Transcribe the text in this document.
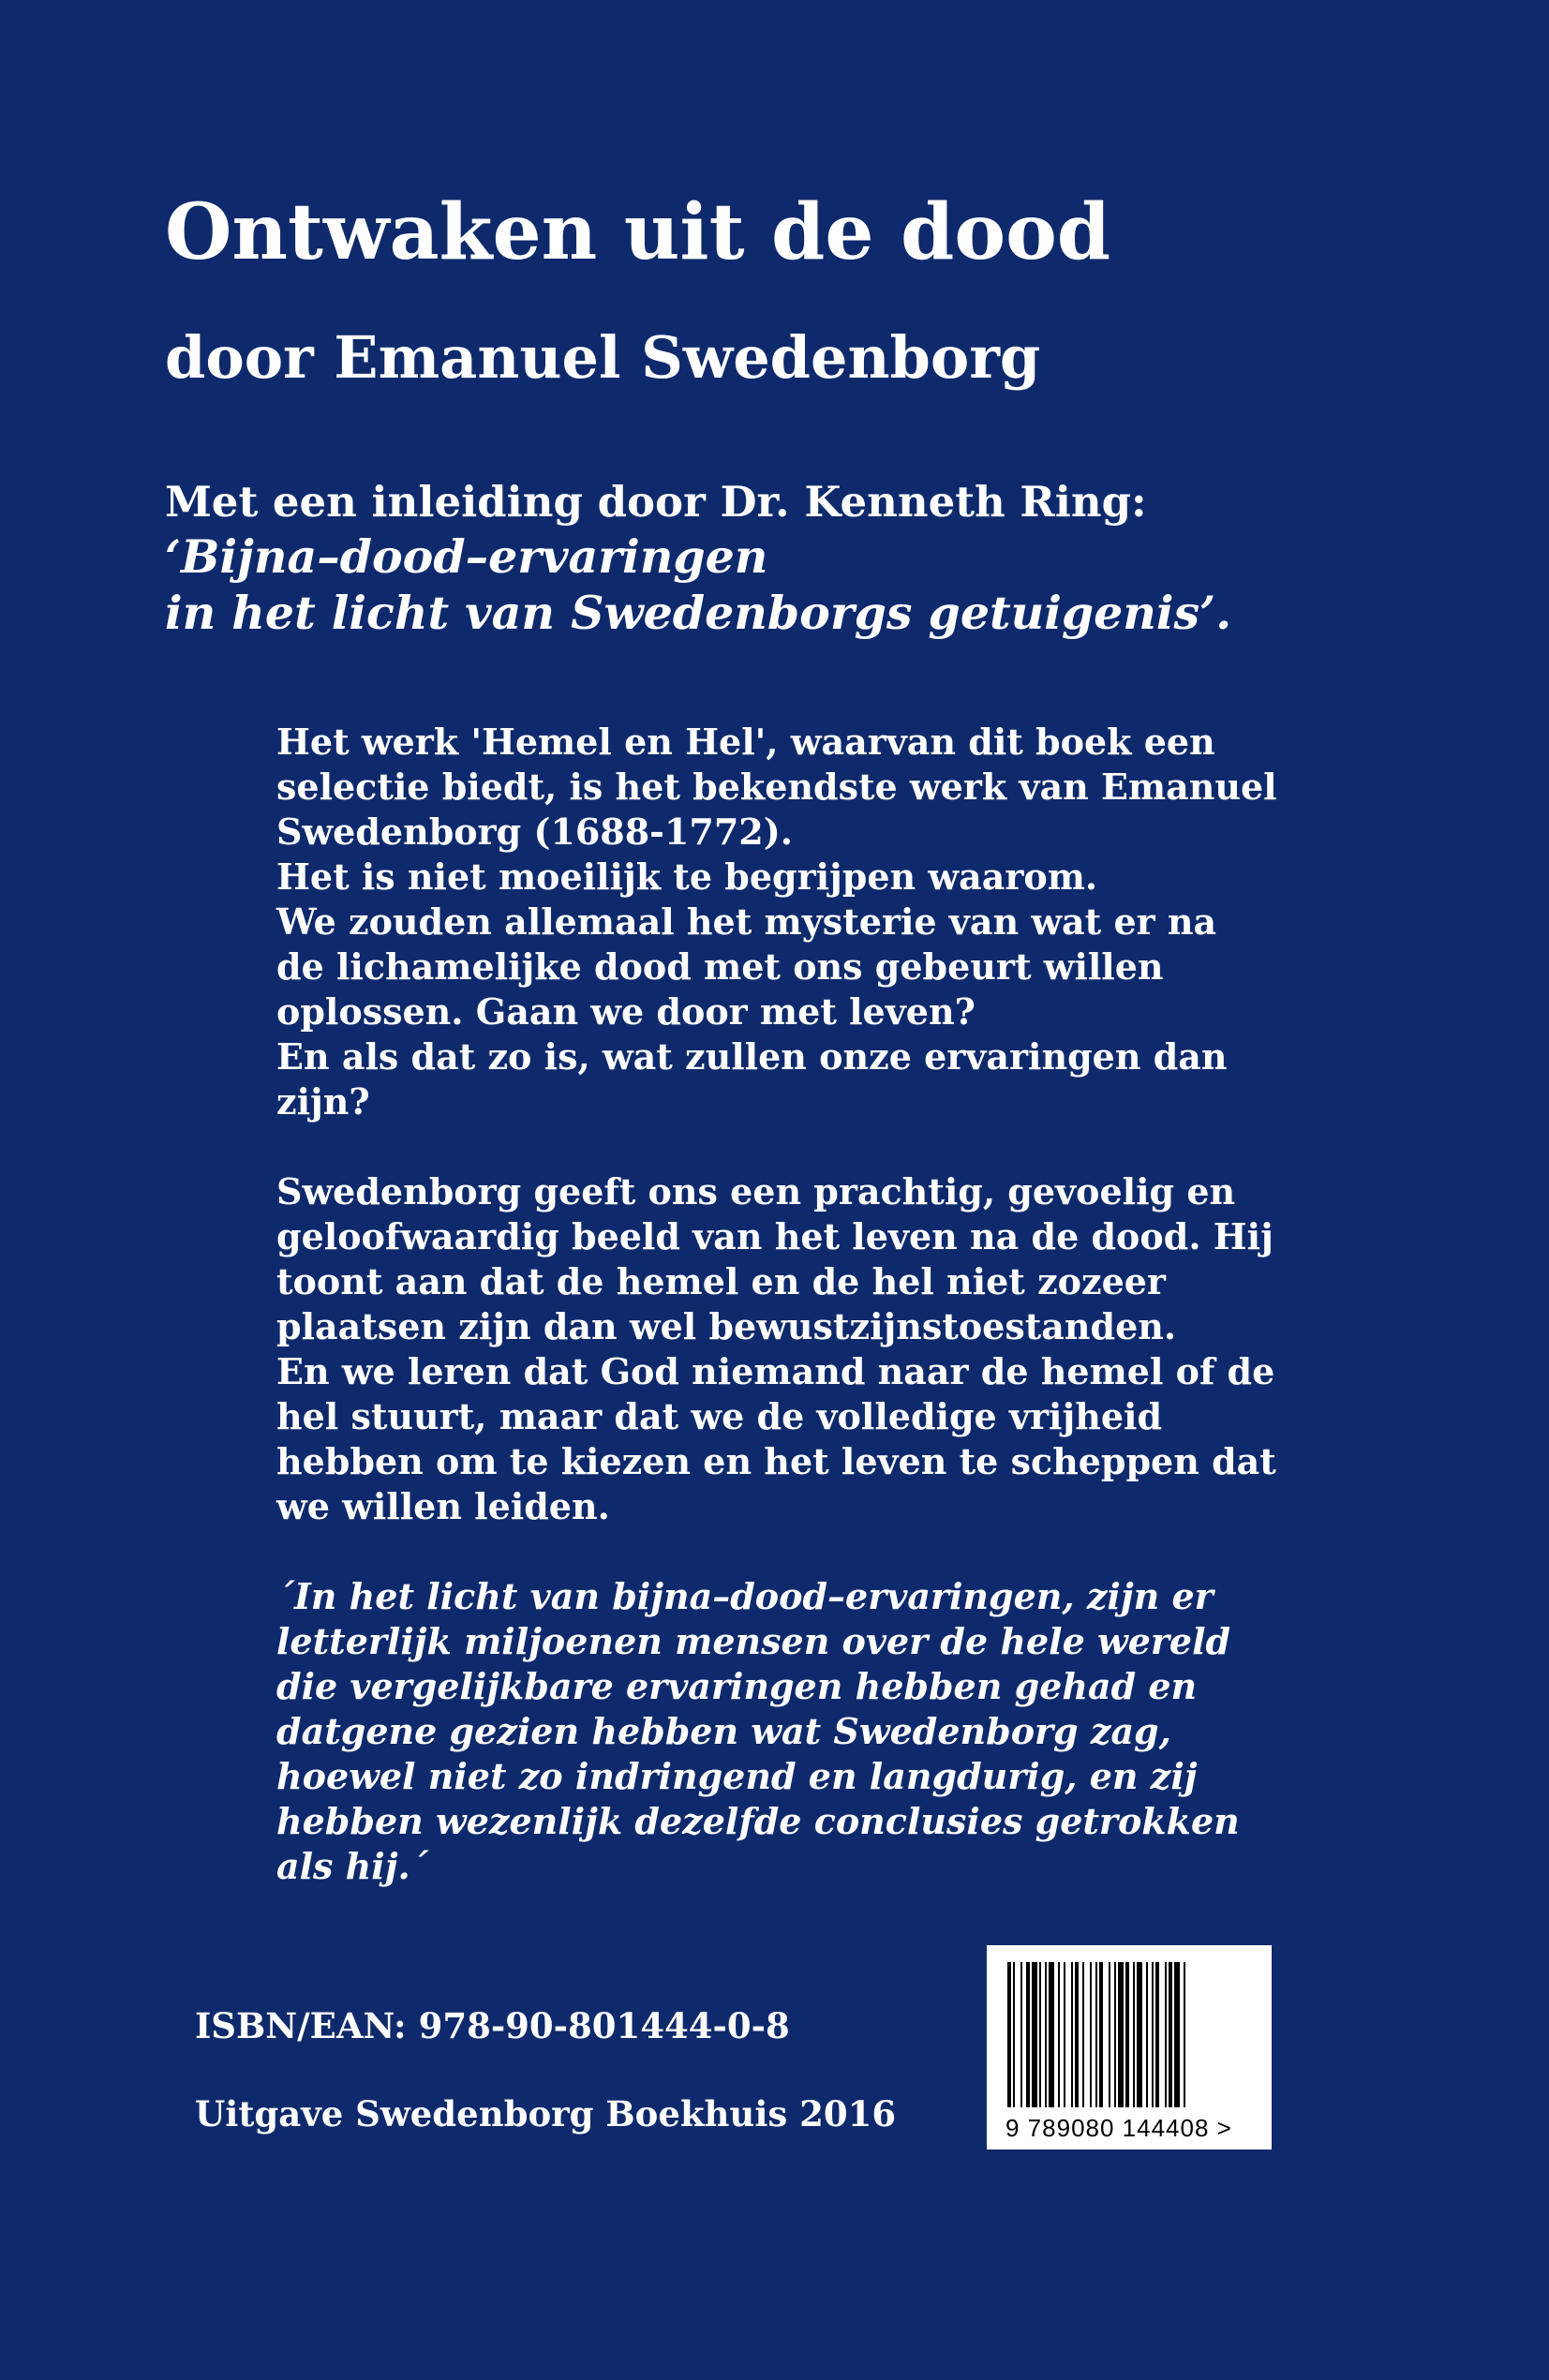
Ontwaken uit de dood
door Emanuel Swedenborg
Met een inleiding door Dr. Kenneth Ring:
‘Bijna–dood–ervaringen
in het licht van Swedenborgs getuigenis’.

Het werk 'Hemel en Hel', waarvan dit boek een

selectie biedt, is het bekendste werk van Emanuel

Swedenborg (1688-1772).

Het is niet moeilijk te begrijpen waarom.

We zouden allemaal het mysterie van wat er na

de lichamelijke dood met ons gebeurt willen

oplossen. Gaan we door met leven?

En als dat zo is, wat zullen onze ervaringen dan

zijn?

Swedenborg geeft ons een prachtig, gevoelig en

geloofwaardig beeld van het leven na de dood. Hij

toont aan dat de hemel en de hel niet zozeer

plaatsen zijn dan wel bewustzijnstoestanden.

En we leren dat God niemand naar de hemel of de

hel stuurt, maar dat we de volledige vrijheid

hebben om te kiezen en het leven te scheppen dat

we willen leiden.

´In het licht van bijna–dood–ervaringen, zijn er

letterlijk miljoenen mensen over de hele wereld

die vergelijkbare ervaringen hebben gehad en

datgene gezien hebben wat Swedenborg zag,

hoewel niet zo indringend en langdurig, en zij

hebben wezenlijk dezelfde conclusies getrokken

als hij.´

ISBN/EAN: 978-90-801444-0-8
Uitgave Swedenborg Boekhuis 2016	9 789080 144408 >
